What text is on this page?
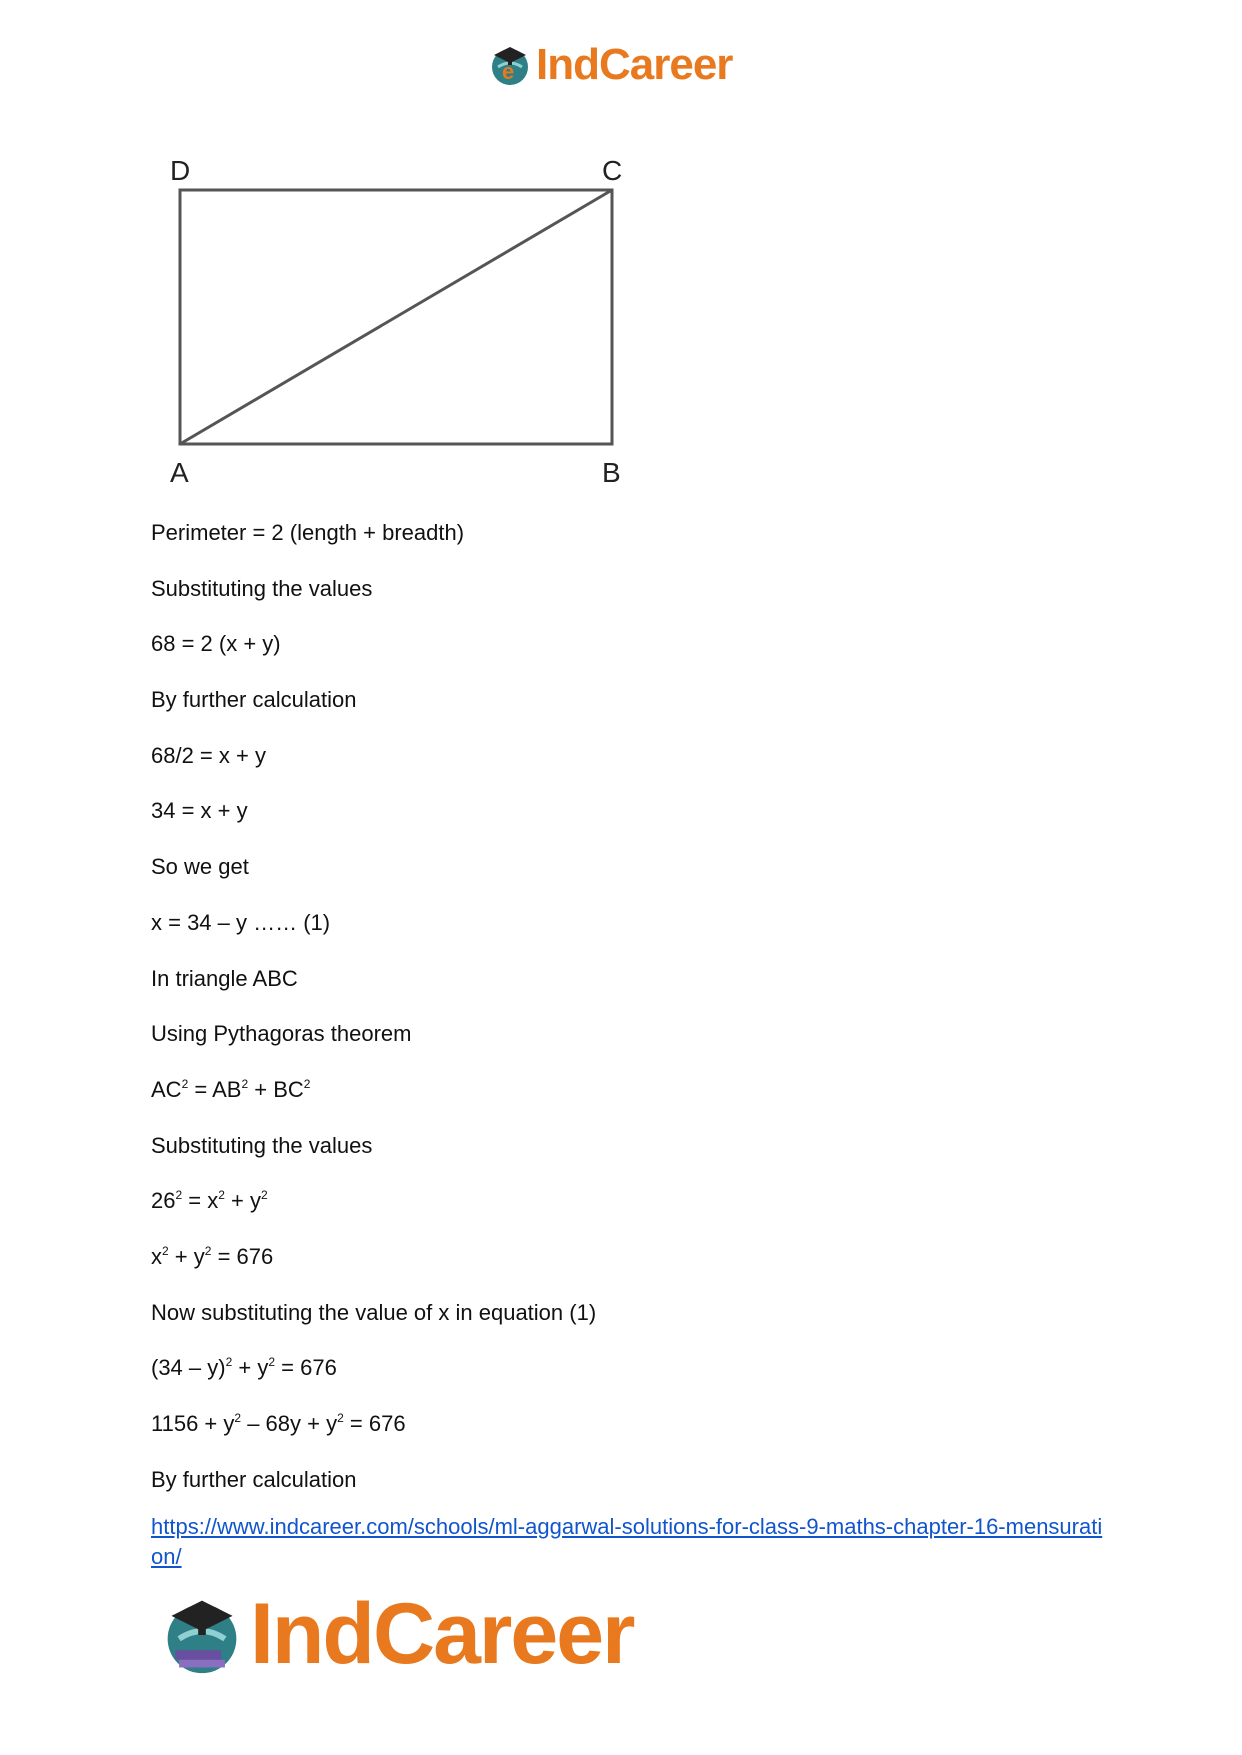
e IndCareer
D	C
A	B
Perimeter = 2 (length + breadth)
Substituting the values
68 = 2 (x + y)
By further calculation
68/2 = x + y
34 = x + y
So we get
x = 34 – y …… (1)
In triangle ABC
Using Pythagoras theorem
$AC^2 = AB^2 + BC^2$
Substituting the values
$26^2 = x^2 + y^2$
$x^2 + y^2 = 676$
Now substituting the value of x in equation (1)
$(34 - y)^2 + y^2 = 676$
$1156 + y^2 - 68y + y^2 = 676$
By further calculation
https://www.indcareer.com/schools/ml-aggarwal-solutions-for-class-9-maths-chapter-16-mensuration/
IndCareer
